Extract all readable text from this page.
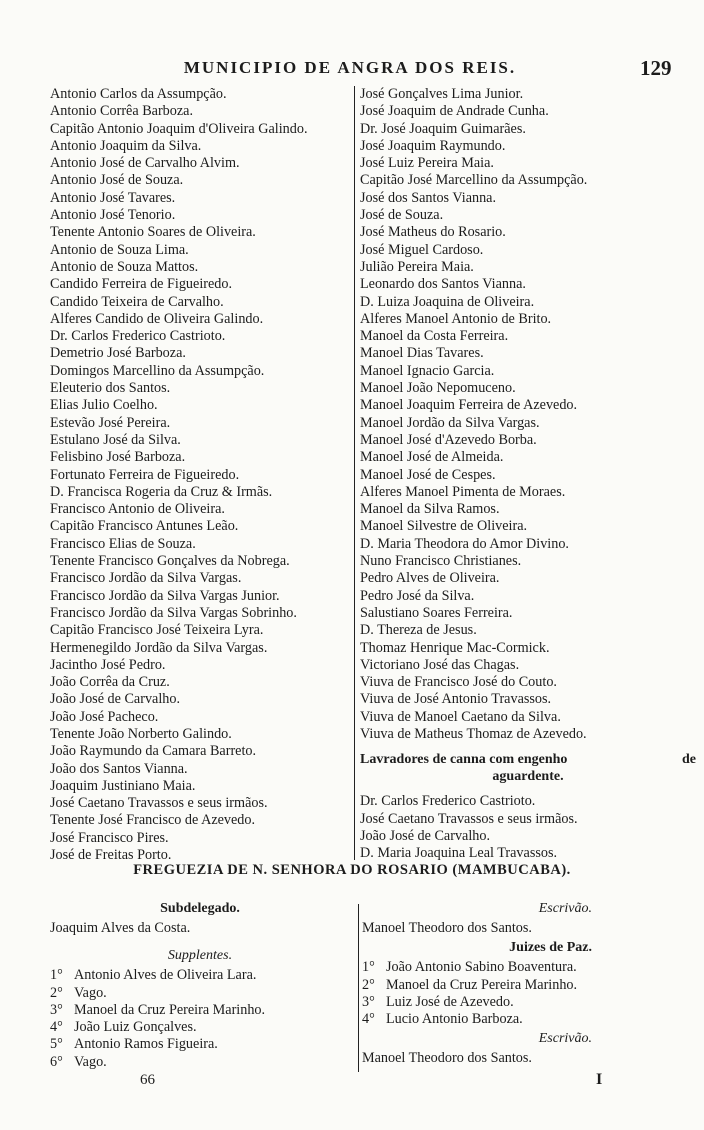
MUNICIPIO DE ANGRA DOS REIS.	129
Antonio Carlos da Assumpção.
Antonio Corrêa Barboza.
Capitão Antonio Joaquim d'Oliveira Galindo.
Antonio Joaquim da Silva.
Antonio José de Carvalho Alvim.
Antonio José de Souza.
Antonio José Tavares.
Antonio José Tenorio.
Tenente Antonio Soares de Oliveira.
Antonio de Souza Lima.
Antonio de Souza Mattos.
Candido Ferreira de Figueiredo.
Candido Teixeira de Carvalho.
Alferes Candido de Oliveira Galindo.
Dr. Carlos Frederico Castrioto.
Demetrio José Barboza.
Domingos Marcellino da Assumpção.
Eleuterio dos Santos.
Elias Julio Coelho.
Estevão José Pereira.
Estulano José da Silva.
Felisbino José Barboza.
Fortunato Ferreira de Figueiredo.
D. Francisca Rogeria da Cruz & Irmãs.
Francisco Antonio de Oliveira.
Capitão Francisco Antunes Leão.
Francisco Elias de Souza.
Tenente Francisco Gonçalves da Nobrega.
Francisco Jordão da Silva Vargas.
Francisco Jordão da Silva Vargas Junior.
Francisco Jordão da Silva Vargas Sobrinho.
Capitão Francisco José Teixeira Lyra.
Hermenegildo Jordão da Silva Vargas.
Jacintho José Pedro.
João Corrêa da Cruz.
João José de Carvalho.
João José Pacheco.
Tenente João Norberto Galindo.
João Raymundo da Camara Barreto.
João dos Santos Vianna.
Joaquim Justiniano Maia.
José Caetano Travassos e seus irmãos.
Tenente José Francisco de Azevedo.
José Francisco Pires.
José de Freitas Porto.
José Gonçalves Lima Junior.
José Joaquim de Andrade Cunha.
Dr. José Joaquim Guimarães.
José Joaquim Raymundo.
José Luiz Pereira Maia.
Capitão José Marcellino da Assumpção.
José dos Santos Vianna.
José de Souza.
José Matheus do Rosario.
José Miguel Cardoso.
Julião Pereira Maia.
Leonardo dos Santos Vianna.
D. Luiza Joaquina de Oliveira.
Alferes Manoel Antonio de Brito.
Manoel da Costa Ferreira.
Manoel Dias Tavares.
Manoel Ignacio Garcia.
Manoel João Nepomuceno.
Manoel Joaquim Ferreira de Azevedo.
Manoel Jordão da Silva Vargas.
Manoel José d'Azevedo Borba.
Manoel José de Almeida.
Manoel José de Cespes.
Alferes Manoel Pimenta de Moraes.
Manoel da Silva Ramos.
Manoel Silvestre de Oliveira.
D. Maria Theodora do Amor Divino.
Nuno Francisco Christianes.
Pedro Alves de Oliveira.
Pedro José da Silva.
Salustiano Soares Ferreira.
D. Thereza de Jesus.
Thomaz Henrique Mac-Cormick.
Victoriano José das Chagas.
Viuva de Francisco José do Couto.
Viuva de José Antonio Travassos.
Viuva de Manoel Caetano da Silva.
Viuva de Matheus Thomaz de Azevedo.
Lavradores de canna com engenho	de
aguardente.
Dr. Carlos Frederico Castrioto.
José Caetano Travassos e seus irmãos.
João José de Carvalho.
D. Maria Joaquina Leal Travassos.
FREGUEZIA DE N. SENHORA DO ROSARIO (MAMBUCABA).
Subdelegado.
Joaquim Alves da Costa.
Supplentes.
1° Antonio Alves de Oliveira Lara.
2° Vago.
3° Manoel da Cruz Pereira Marinho.
4° João Luiz Gonçalves.
5° Antonio Ramos Figueira.
6° Vago.
Escrivão.
Manoel Theodoro dos Santos.
Juizes de Paz.
1° João Antonio Sabino Boaventura.
2° Manoel da Cruz Pereira Marinho.
3° Luiz José de Azevedo.
4° Lucio Antonio Barboza.
Escrivão.
Manoel Theodoro dos Santos.
66	I
